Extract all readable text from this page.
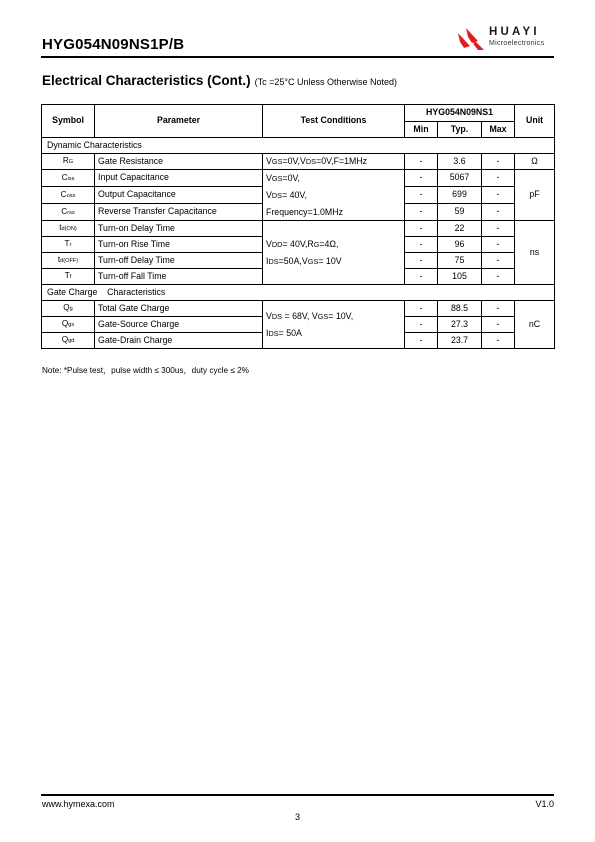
HYG054N09NS1P/B
HUAYI
Microelectronics
Electrical Characteristics (Cont.) (Tc =25°C Unless Otherwise Noted)
Symbol	Parameter	Test Conditions	HYG054N09NS1			Unit
			Min	Typ.	Max	
Dynamic Characteristics						
RG	Gate Resistance	VGS=0V,VDS=0V,F=1MHz	-	3.6	-	Ω
Ciss	Input Capacitance	VGS=0V,
VDS= 40V,
Frequency=1.0MHz	-	5067	-	pF
Coss	Output Capacitance		-	699	-	
Crss	Reverse Transfer Capacitance		-	59	-	
td(ON)	Turn-on Delay Time	VDD= 40V,RG=4Ω,
IDS=50A,VGS= 10V	-	22	-	ns
Tr	Turn-on Rise Time		-	96	-	
td(OFF)	Turn-off Delay Time		-	75	-	
Tf	Turn-off Fall Time		-	105	-	
Gate Charge    Characteristics						
Qg	Total Gate Charge	VDS = 68V, VGS= 10V,
IDS= 50A	-	88.5	-	nC
Qgs	Gate-Source Charge		-	27.3	-	
Qgd	Gate-Drain Charge		-	23.7	-	
Note: *Pulse test，pulse width ≤ 300us，duty cycle ≤ 2%
www.hymexa.com	V1.0
3
